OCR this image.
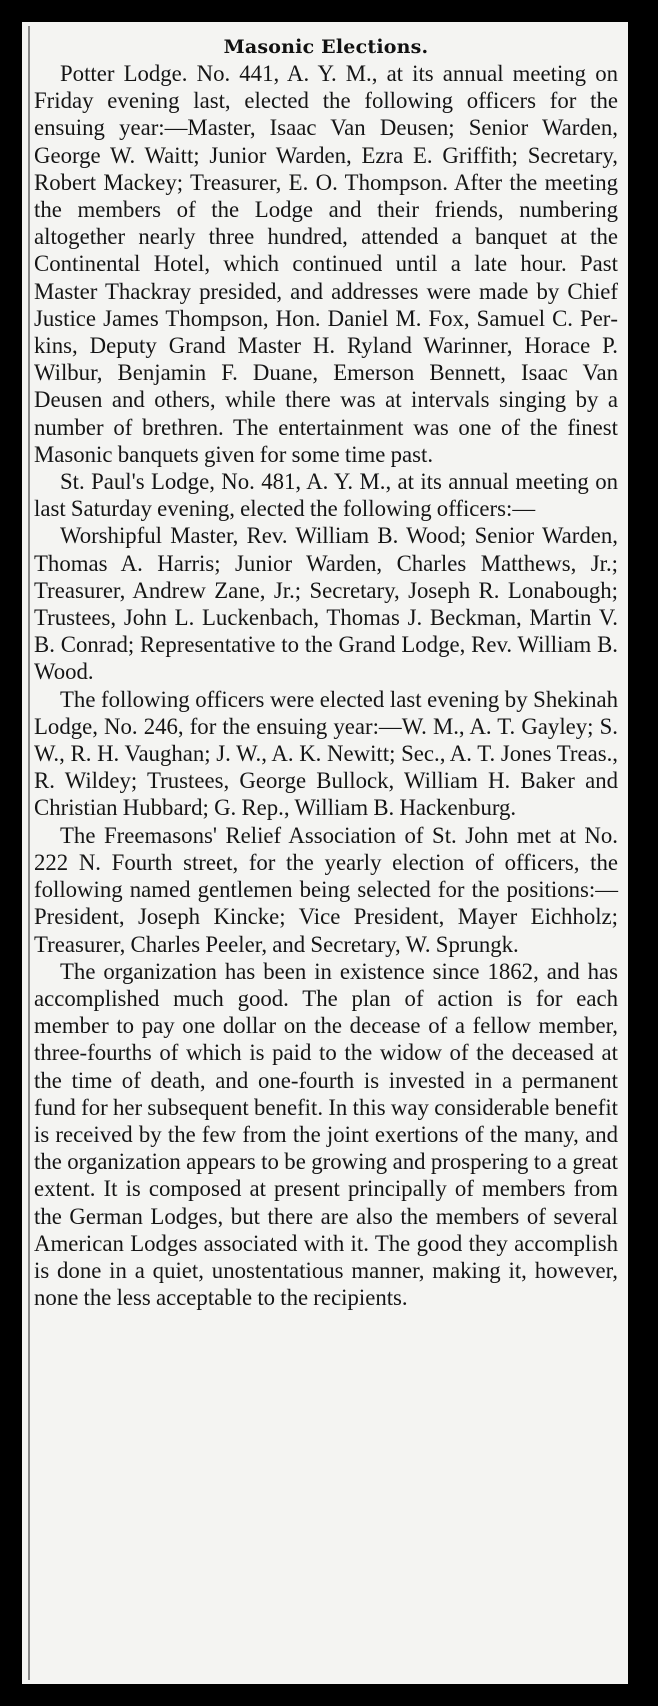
Masonic Elections.

Potter Lodge. No. 441, A. Y. M., at its annual meeting on Friday evening last, elected the following officers for the ensuing year:—Master, Isaac Van Deusen; Senior Warden, George W. Waitt; Junior Warden, Ezra E. Griffith; Secretary, Robert Mackey; Treasurer, E. O. Thompson. After the meeting the members of the Lodge and their friends, numbering altogether nearly three hundred, attended a banquet at the Continental Hotel, which continued until a late hour. Past Master Thackray presided, and addresses were made by Chief Justice James Thompson, Hon. Daniel M. Fox, Samuel C. Perkins, Deputy Grand Master H. Ryland Warinner, Horace P. Wilbur, Benjamin F. Duane, Emerson Bennett, Isaac Van Deusen and others, while there was at intervals singing by a number of brethren. The entertainment was one of the finest Masonic banquets given for some time past.

St. Paul's Lodge, No. 481, A. Y. M., at its annual meeting on last Saturday evening, elected the following officers:—

Worshipful Master, Rev. William B. Wood; Senior Warden, Thomas A. Harris; Junior Warden, Charles Matthews, Jr.; Treasurer, Andrew Zane, Jr.; Secretary, Joseph R. Lonabough; Trustees, John L. Luckenbach, Thomas J. Beckman, Martin V. B. Conrad; Representative to the Grand Lodge, Rev. William B. Wood.

The following officers were elected last evening by Shekinah Lodge, No. 246, for the ensuing year:—W. M., A. T. Gayley; S. W., R. H. Vaughan; J. W., A. K. Newitt; Sec., A. T. Jones Treas., R. Wildey; Trustees, George Bullock, William H. Baker and Christian Hubbard; G. Rep., William B. Hackenburg.

The Freemasons' Relief Association of St. John met at No. 222 N. Fourth street, for the yearly election of officers, the following named gentlemen being selected for the positions:— President, Joseph Kincke; Vice President, Mayer Eichholz; Treasurer, Charles Peeler, and Secretary, W. Sprungk.

The organization has been in existence since 1862, and has accomplished much good. The plan of action is for each member to pay one dollar on the decease of a fellow member, three-fourths of which is paid to the widow of the deceased at the time of death, and one-fourth is invested in a permanent fund for her subsequent benefit. In this way considerable benefit is received by the few from the joint exertions of the many, and the organization appears to be growing and prospering to a great extent. It is composed at present principally of members from the German Lodges, but there are also the members of several American Lodges associated with it. The good they accomplish is done in a quiet, unostentatious manner, making it, however, none the less acceptable to the recipients.
